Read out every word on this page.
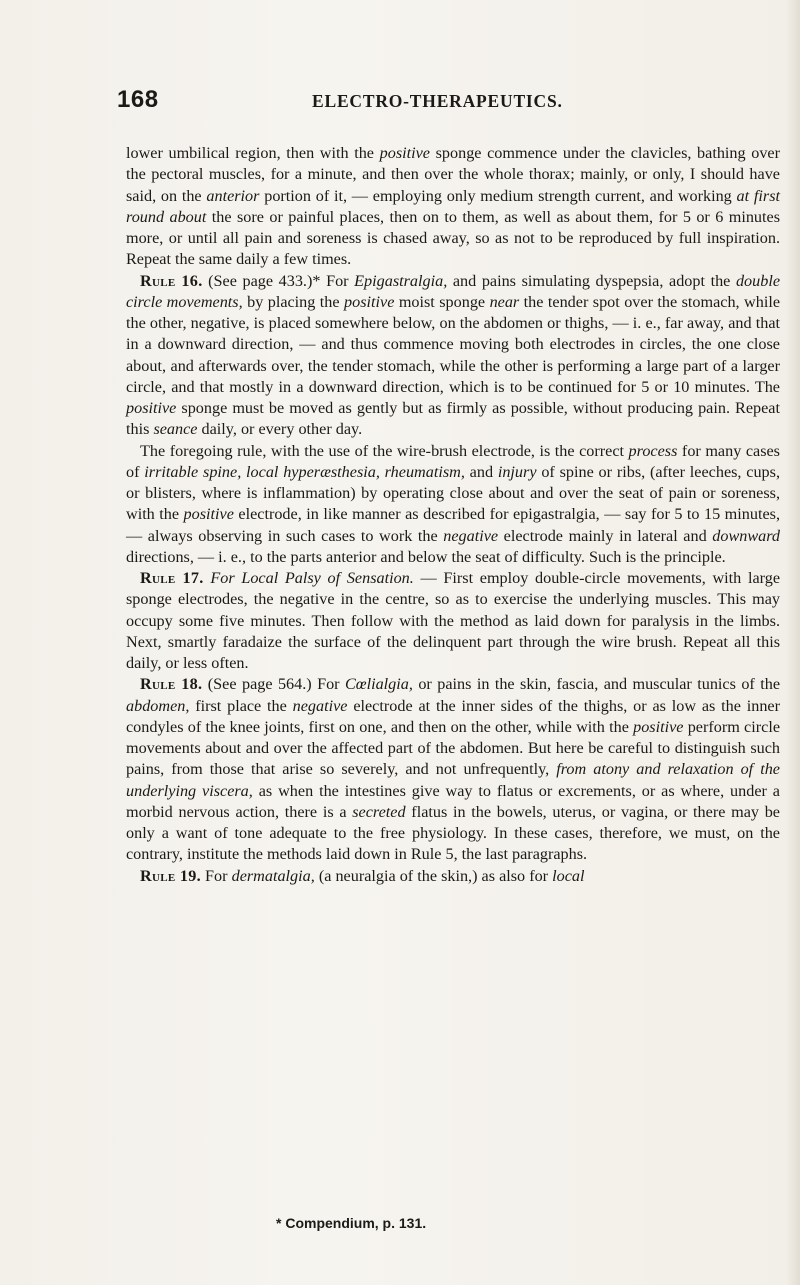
168	ELECTRO-THERAPEUTICS.

lower umbilical region, then with the positive sponge commence under the clavicles, bathing over the pectoral muscles, for a minute, and then over the whole thorax; mainly, or only, I should have said, on the anterior portion of it, — employing only medium strength current, and working at first round about the sore or painful places, then on to them, as well as about them, for 5 or 6 minutes more, or until all pain and soreness is chased away, so as not to be reproduced by full inspiration. Repeat the same daily a few times.

Rule 16. (See page 433.)* For Epigastralgia, and pains simulating dyspepsia, adopt the double circle movements, by placing the positive moist sponge near the tender spot over the stomach, while the other, negative, is placed somewhere below, on the abdomen or thighs, — i. e., far away, and that in a downward direction, — and thus commence moving both electrodes in circles, the one close about, and afterwards over, the tender stomach, while the other is performing a large part of a larger circle, and that mostly in a downward direction, which is to be continued for 5 or 10 minutes. The positive sponge must be moved as gently but as firmly as possible, without producing pain. Repeat this seance daily, or every other day.

The foregoing rule, with the use of the wire-brush electrode, is the correct process for many cases of irritable spine, local hyperæsthesia, rheumatism, and injury of spine or ribs, (after leeches, cups, or blisters, where is inflammation) by operating close about and over the seat of pain or soreness, with the positive electrode, in like manner as described for epigastralgia, — say for 5 to 15 minutes, — always observing in such cases to work the negative electrode mainly in lateral and downward directions, — i. e., to the parts anterior and below the seat of difficulty. Such is the principle.

Rule 17. For Local Palsy of Sensation. — First employ double-circle movements, with large sponge electrodes, the negative in the centre, so as to exercise the underlying muscles. This may occupy some five minutes. Then follow with the method as laid down for paralysis in the limbs. Next, smartly faradaize the surface of the delinquent part through the wire brush. Repeat all this daily, or less often.

Rule 18. (See page 564.) For Cœlialgia, or pains in the skin, fascia, and muscular tunics of the abdomen, first place the negative electrode at the inner sides of the thighs, or as low as the inner condyles of the knee joints, first on one, and then on the other, while with the positive perform circle movements about and over the affected part of the abdomen. But here be careful to distinguish such pains, from those that arise so severely, and not unfrequently, from atony and relaxation of the underlying viscera, as when the intestines give way to flatus or excrements, or as where, under a morbid nervous action, there is a secreted flatus in the bowels, uterus, or vagina, or there may be only a want of tone adequate to the free physiology. In these cases, therefore, we must, on the contrary, institute the methods laid down in Rule 5, the last paragraphs.

Rule 19. For dermatalgia, (a neuralgia of the skin,) as also for local

* Compendium, p. 131.
